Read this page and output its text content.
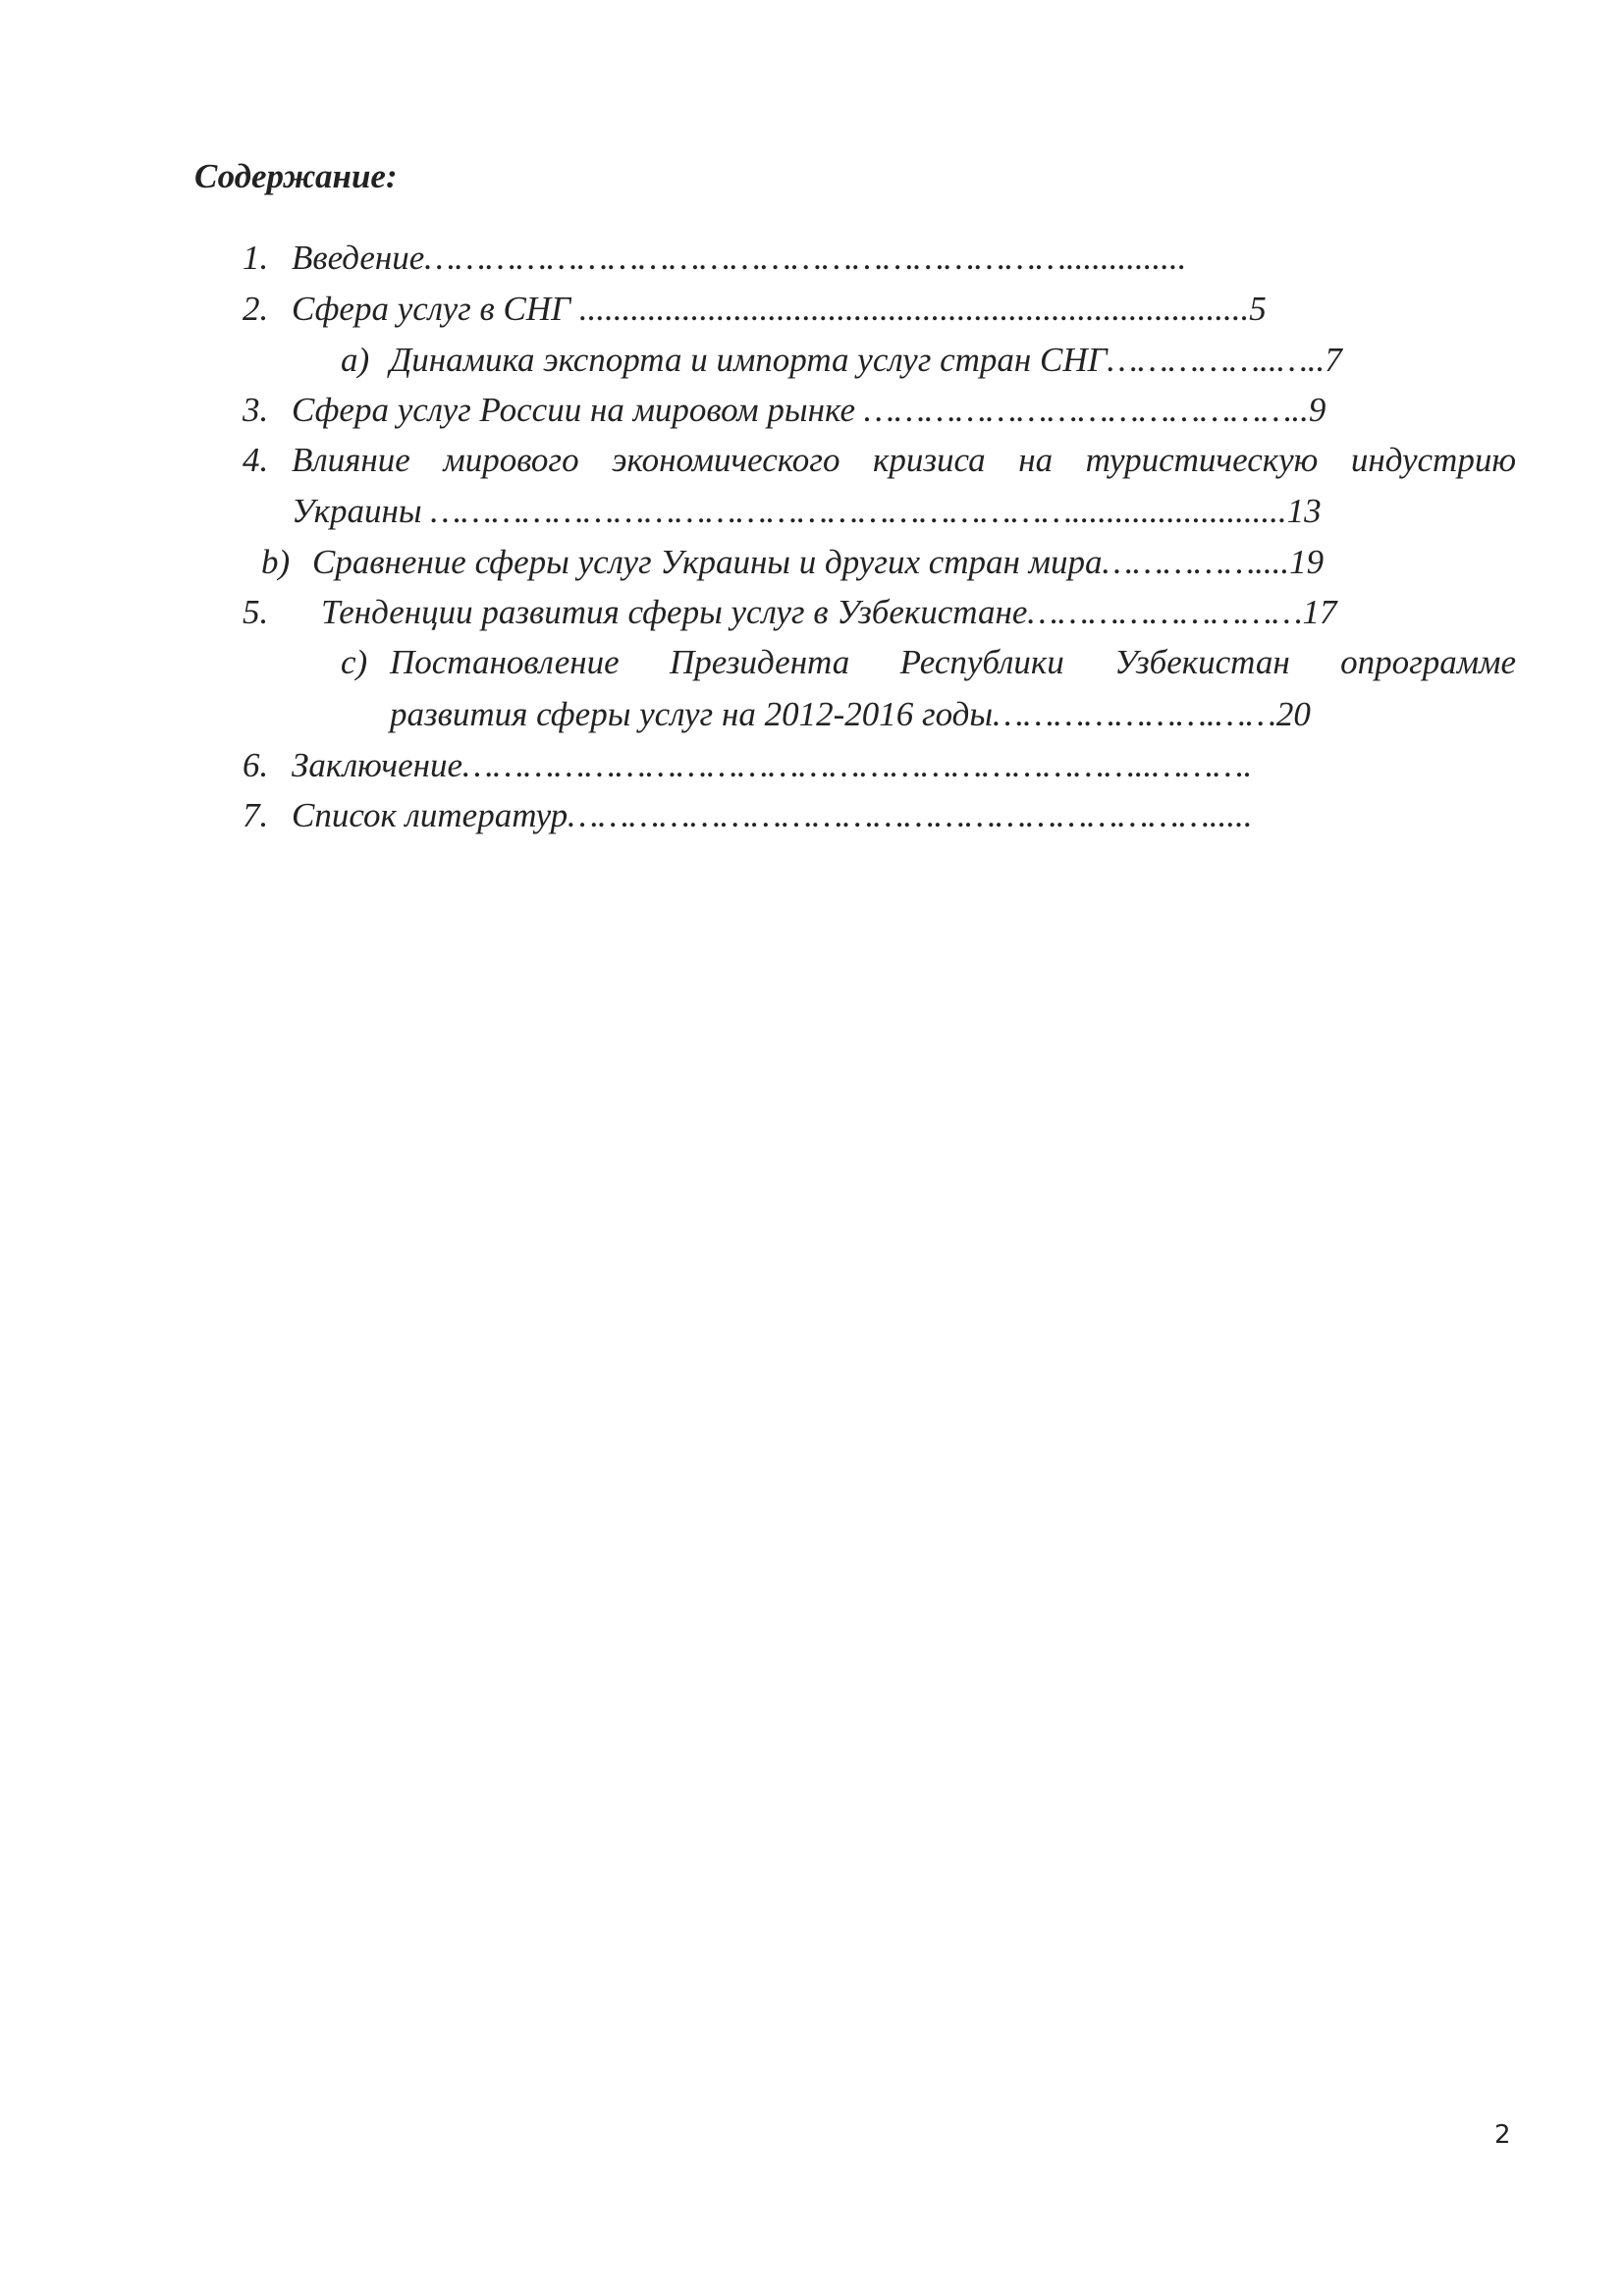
Содержание:
1. Введение………………………………………………………..............
2. Сфера услуг в СНГ ..............................................................................5
a) Динамика экспорта и импорта услуг стран СНГ……………..…..7
3. Сфера услуг России на мировом рынке ……………………………………..9
4. Влияние мирового экономического кризиса на туристическую индустрию
Украины ……………………………………………………….........................13
b) Сравнение сферы услуг Украины и других стран мира……………....19
5. Тенденции развития сферы услуг в Узбекистане………………………17
c) Постановление Президента Республики Узбекистан опрограмме
развития сферы услуг на 2012-2016 годы………………….……20
6. Заключение…………………………………………………………..……….
7. Список литератур……………………………………………………….....
2
